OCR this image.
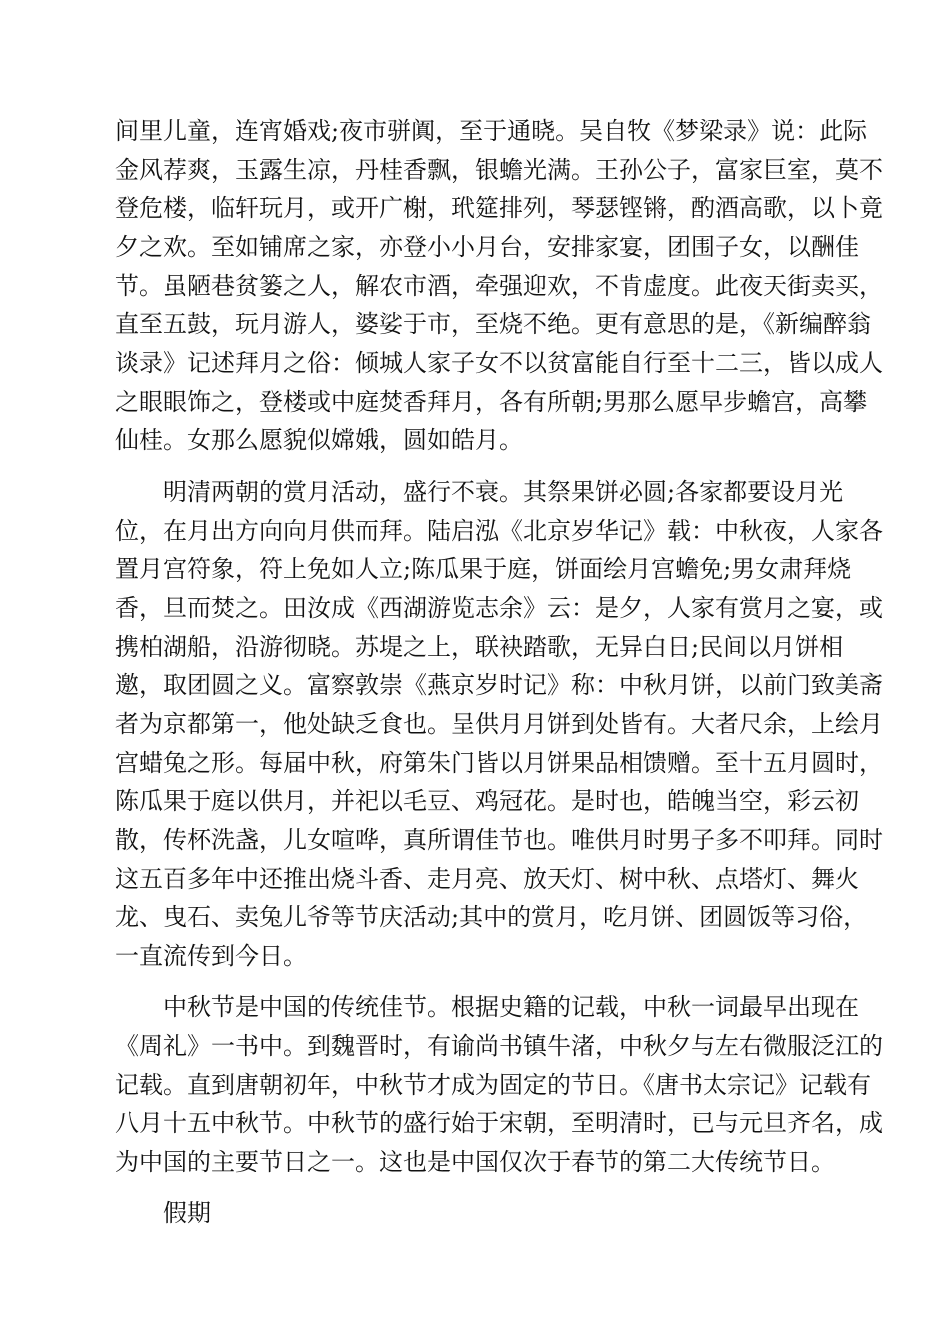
间里儿童，连宵婚戏;夜市骈阗，至于通晓。吴自牧《梦梁录》说：此际
金风荐爽，玉露生凉，丹桂香飘，银蟾光满。王孙公子，富家巨室，莫不
登危楼，临轩玩月，或开广榭，玳筵排列，琴瑟铿锵，酌酒高歌，以卜竟
夕之欢。至如铺席之家，亦登小小月台，安排家宴，团围子女，以酬佳
节。虽陋巷贫篓之人，解农市酒，牵强迎欢，不肯虚度。此夜天街卖买，
直至五鼓，玩月游人，婆娑于市，至烧不绝。更有意思的是，《新编醉翁
谈录》记述拜月之俗：倾城人家子女不以贫富能自行至十二三，皆以成人
之眼眼饰之，登楼或中庭焚香拜月，各有所朝;男那么愿早步蟾宫，高攀
仙桂。女那么愿貌似嫦娥，圆如皓月。
明清两朝的赏月活动，盛行不衰。其祭果饼必圆;各家都要设月光
位，在月出方向向月供而拜。陆启泓《北京岁华记》载：中秋夜，人家各
置月宫符象，符上免如人立;陈瓜果于庭，饼面绘月宫蟾免;男女肃拜烧
香，旦而焚之。田汝成《西湖游览志余》云：是夕，人家有赏月之宴，或
携柏湖船，沿游彻晓。苏堤之上，联袂踏歌，无异白日;民间以月饼相
邀，取团圆之义。富察敦崇《燕京岁时记》称：中秋月饼，以前门致美斋
者为京都第一，他处缺乏食也。呈供月月饼到处皆有。大者尺余，上绘月
宫蜡兔之形。每届中秋，府第朱门皆以月饼果品相馈赠。至十五月圆时，
陈瓜果于庭以供月，并祀以毛豆、鸡冠花。是时也，皓魄当空，彩云初
散，传杯洗盏，儿女喧哗，真所谓佳节也。唯供月时男子多不叩拜。同时
这五百多年中还推出烧斗香、走月亮、放天灯、树中秋、点塔灯、舞火
龙、曳石、卖兔儿爷等节庆活动;其中的赏月，吃月饼、团圆饭等习俗，
一直流传到今日。
中秋节是中国的传统佳节。根据史籍的记载，中秋一词最早出现在
《周礼》一书中。到魏晋时，有谕尚书镇牛渚，中秋夕与左右微服泛江的
记载。直到唐朝初年，中秋节才成为固定的节日。《唐书太宗记》记载有
八月十五中秋节。中秋节的盛行始于宋朝，至明清时，已与元旦齐名，成
为中国的主要节日之一。这也是中国仅次于春节的第二大传统节日。
假期
